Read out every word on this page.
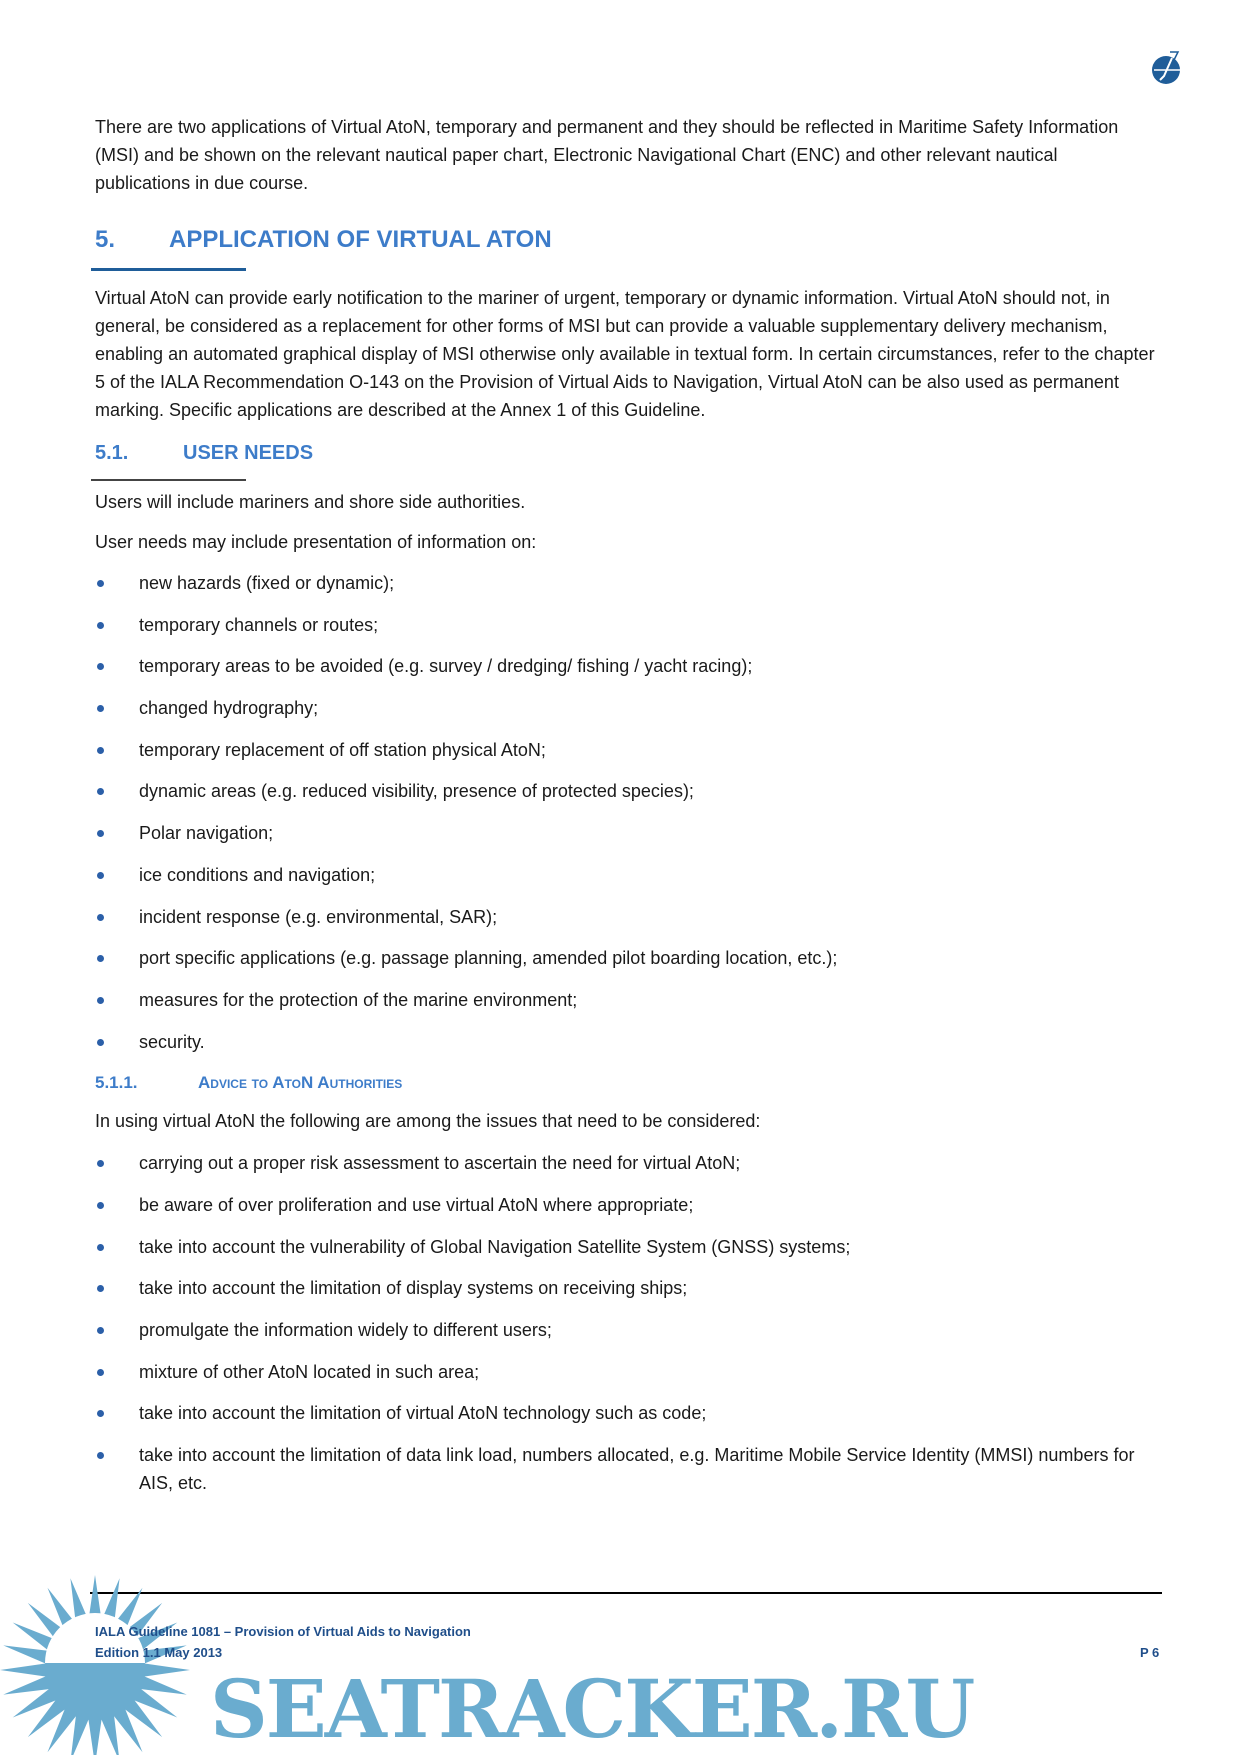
There are two applications of Virtual AtoN, temporary and permanent and they should be reflected in Maritime Safety Information (MSI) and be shown on the relevant nautical paper chart, Electronic Navigational Chart (ENC) and other relevant nautical publications in due course.

5. APPLICATION OF VIRTUAL ATON

Virtual AtoN can provide early notification to the mariner of urgent, temporary or dynamic information. Virtual AtoN should not, in general, be considered as a replacement for other forms of MSI but can provide a valuable supplementary delivery mechanism, enabling an automated graphical display of MSI otherwise only available in textual form. In certain circumstances, refer to the chapter 5 of the IALA Recommendation O-143 on the Provision of Virtual Aids to Navigation, Virtual AtoN can be also used as permanent marking. Specific applications are described at the Annex 1 of this Guideline.

5.1.	USER NEEDS

Users will include mariners and shore side authorities.

User needs may include presentation of information on:

new hazards (fixed or dynamic);
temporary channels or routes;
temporary areas to be avoided (e.g. survey / dredging/ fishing / yacht racing);
changed hydrography;
temporary replacement of off station physical AtoN;
dynamic areas (e.g. reduced visibility, presence of protected species);
Polar navigation;
ice conditions and navigation;
incident response (e.g. environmental, SAR);
port specific applications (e.g. passage planning, amended pilot boarding location, etc.);
measures for the protection of the marine environment;
security.
5.1.1.	Advice to AtoN Authorities

In using virtual AtoN the following are among the issues that need to be considered:

carrying out a proper risk assessment to ascertain the need for virtual AtoN;
be aware of over proliferation and use virtual AtoN where appropriate;
take into account the vulnerability of Global Navigation Satellite System (GNSS) systems;
take into account the limitation of display systems on receiving ships;
promulgate the information widely to different users;
mixture of other AtoN located in such area;
take into account the limitation of virtual AtoN technology such as code;
take into account the limitation of data link load, numbers allocated, e.g. Maritime Mobile Service Identity (MMSI) numbers for AIS, etc.
IALA Guideline 1081 – Provision of Virtual Aids to Navigation
Edition 1.1 May 2013	P 6
SEATRACKER.RU
